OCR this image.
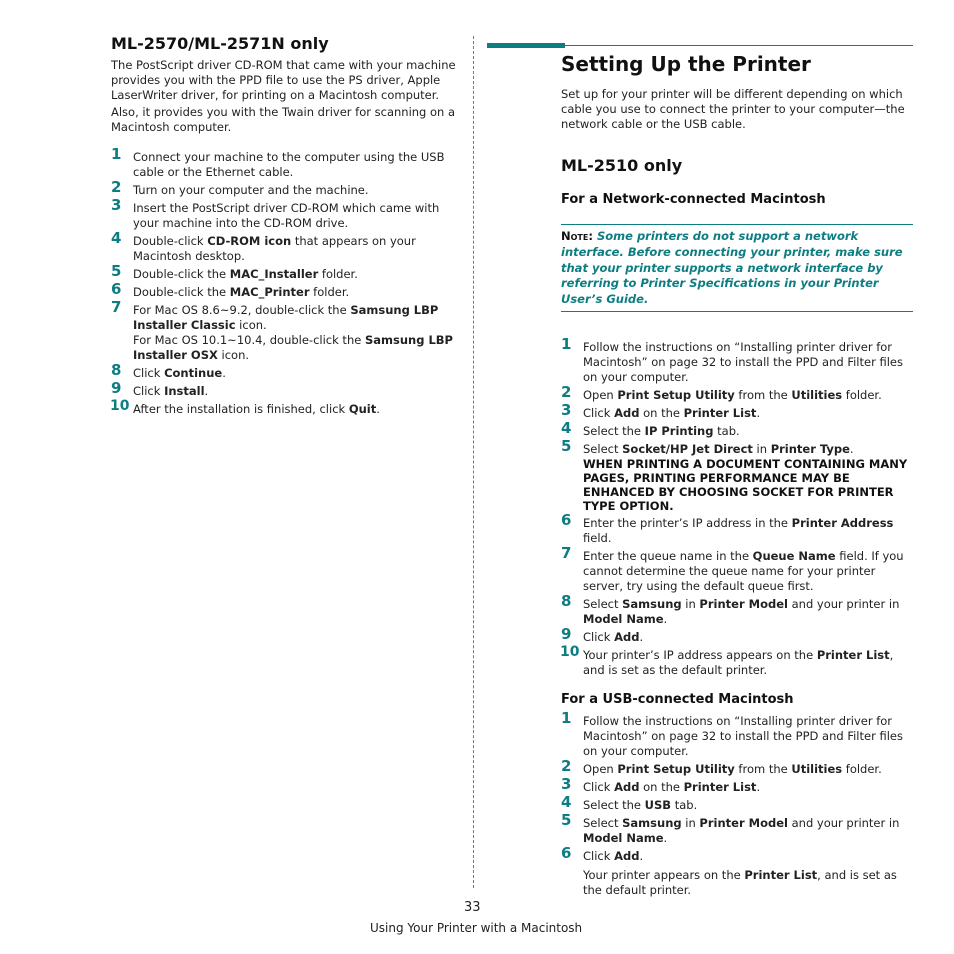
ML-2570/ML-2571N only

The PostScript driver CD-ROM that came with your machine provides you with the PPD file to use the PS driver, Apple LaserWriter driver, for printing on a Macintosh computer.

Also, it provides you with the Twain driver for scanning on a Macintosh computer.

1 Connect your machine to the computer using the USB cable or the Ethernet cable.
2 Turn on your computer and the machine.
3 Insert the PostScript driver CD-ROM which came with your machine into the CD-ROM drive.
4 Double-click CD-ROM icon that appears on your Macintosh desktop.
5 Double-click the MAC_Installer folder.
6 Double-click the MAC_Printer folder.
7 For Mac OS 8.6~9.2, double-click the Samsung LBP Installer Classic icon.
For Mac OS 10.1~10.4, double-click the Samsung LBP Installer OSX icon.
8 Click Continue.
9 Click Install.
10 After the installation is finished, click Quit.
Setting Up the Printer

Set up for your printer will be different depending on which cable you use to connect the printer to your computer—the network cable or the USB cable.

ML-2510 only
For a Network-connected Macintosh
Note: Some printers do not support a network interface. Before connecting your printer, make sure that your printer supports a network interface by referring to Printer Specifications in your Printer User’s Guide.
1 Follow the instructions on “Installing printer driver for Macintosh” on page 32 to install the PPD and Filter files on your computer.
2 Open Print Setup Utility from the Utilities folder.
3 Click Add on the Printer List.
4 Select the IP Printing tab.
5 Select Socket/HP Jet Direct in Printer Type.
WHEN PRINTING A DOCUMENT CONTAINING MANY PAGES, PRINTING PERFORMANCE MAY BE ENHANCED BY CHOOSING SOCKET FOR PRINTER TYPE OPTION.
6 Enter the printer’s IP address in the Printer Address field.
7 Enter the queue name in the Queue Name field. If you cannot determine the queue name for your printer server, try using the default queue first.
8 Select Samsung in Printer Model and your printer in Model Name.
9 Click Add.
10 Your printer’s IP address appears on the Printer List, and is set as the default printer.
For a USB-connected Macintosh
1 Follow the instructions on “Installing printer driver for Macintosh” on page 32 to install the PPD and Filter files on your computer.
2 Open Print Setup Utility from the Utilities folder.
3 Click Add on the Printer List.
4 Select the USB tab.
5 Select Samsung in Printer Model and your printer in Model Name.
6 Click Add.

Your printer appears on the Printer List, and is set as the default printer.

33
Using Your Printer with a Macintosh
